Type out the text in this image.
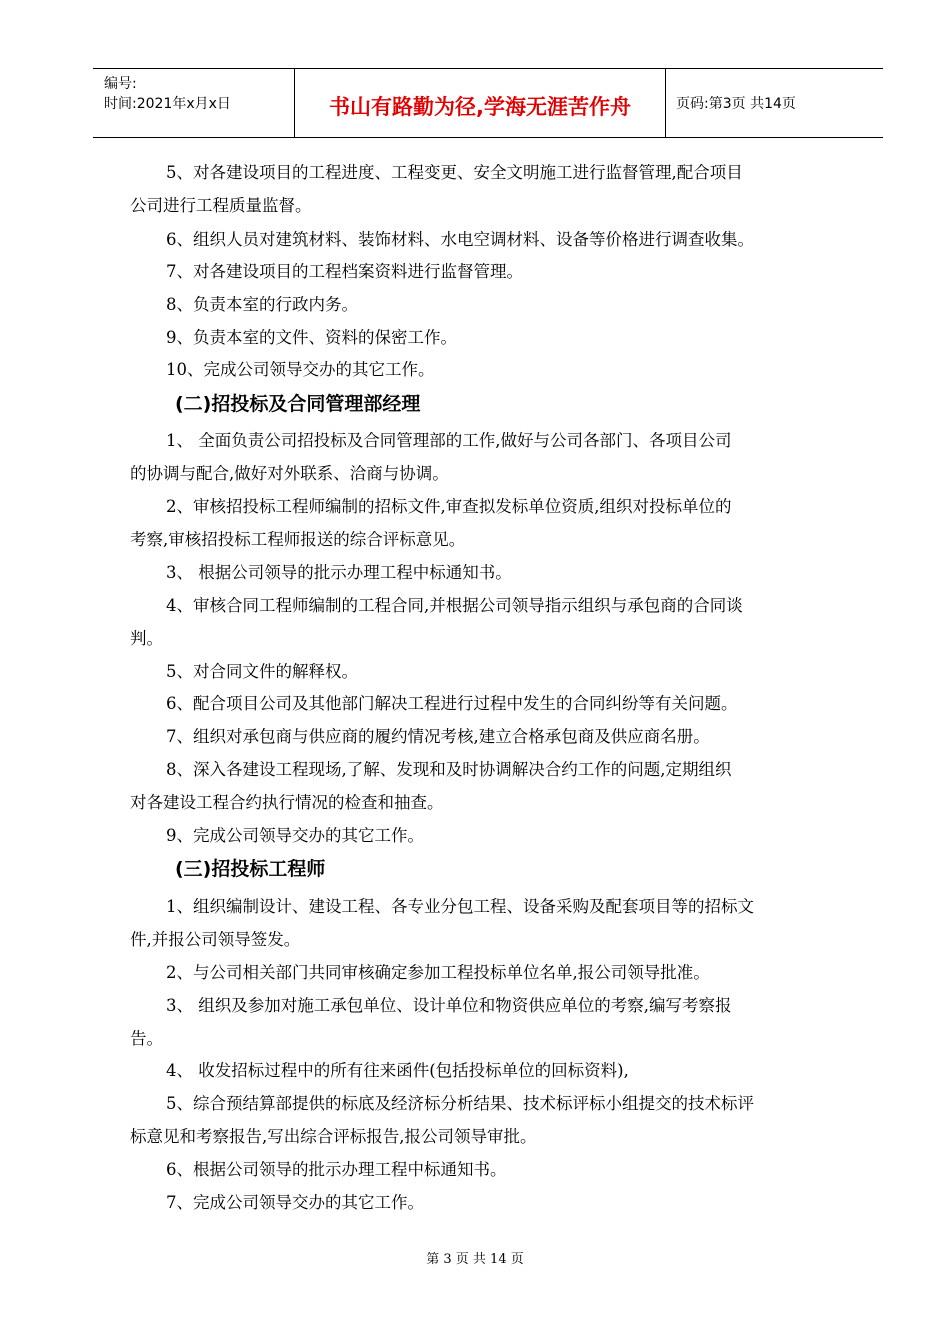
编号:
时间:2021年x月x日	书山有路勤为径,学海无涯苦作舟	页码:第3页 共14页
5、对各建设项目的工程进度、工程变更、安全文明施工进行监督管理,配合项目
公司进行工程质量监督。
6、组织人员对建筑材料、装饰材料、水电空调材料、设备等价格进行调查收集。
7、对各建设项目的工程档案资料进行监督管理。
8、负责本室的行政内务。
9、负责本室的文件、资料的保密工作。
10、完成公司领导交办的其它工作。
(二)招投标及合同管理部经理
1、 全面负责公司招投标及合同管理部的工作,做好与公司各部门、各项目公司
的协调与配合,做好对外联系、洽商与协调。
2、审核招投标工程师编制的招标文件,审查拟发标单位资质,组织对投标单位的
考察,审核招投标工程师报送的综合评标意见。
3、 根据公司领导的批示办理工程中标通知书。
4、审核合同工程师编制的工程合同,并根据公司领导指示组织与承包商的合同谈
判。
5、对合同文件的解释权。
6、配合项目公司及其他部门解决工程进行过程中发生的合同纠纷等有关问题。
7、组织对承包商与供应商的履约情况考核,建立合格承包商及供应商名册。
8、深入各建设工程现场,了解、发现和及时协调解决合约工作的问题,定期组织
对各建设工程合约执行情况的检查和抽查。
9、完成公司领导交办的其它工作。
(三)招投标工程师
1、组织编制设计、建设工程、各专业分包工程、设备采购及配套项目等的招标文
件,并报公司领导签发。
2、与公司相关部门共同审核确定参加工程投标单位名单,报公司领导批准。
3、 组织及参加对施工承包单位、设计单位和物资供应单位的考察,编写考察报
告。
4、 收发招标过程中的所有往来函件(包括投标单位的回标资料),
5、综合预结算部提供的标底及经济标分析结果、技术标评标小组提交的技术标评
标意见和考察报告,写出综合评标报告,报公司领导审批。
6、根据公司领导的批示办理工程中标通知书。
7、完成公司领导交办的其它工作。
第 3 页 共 14 页
